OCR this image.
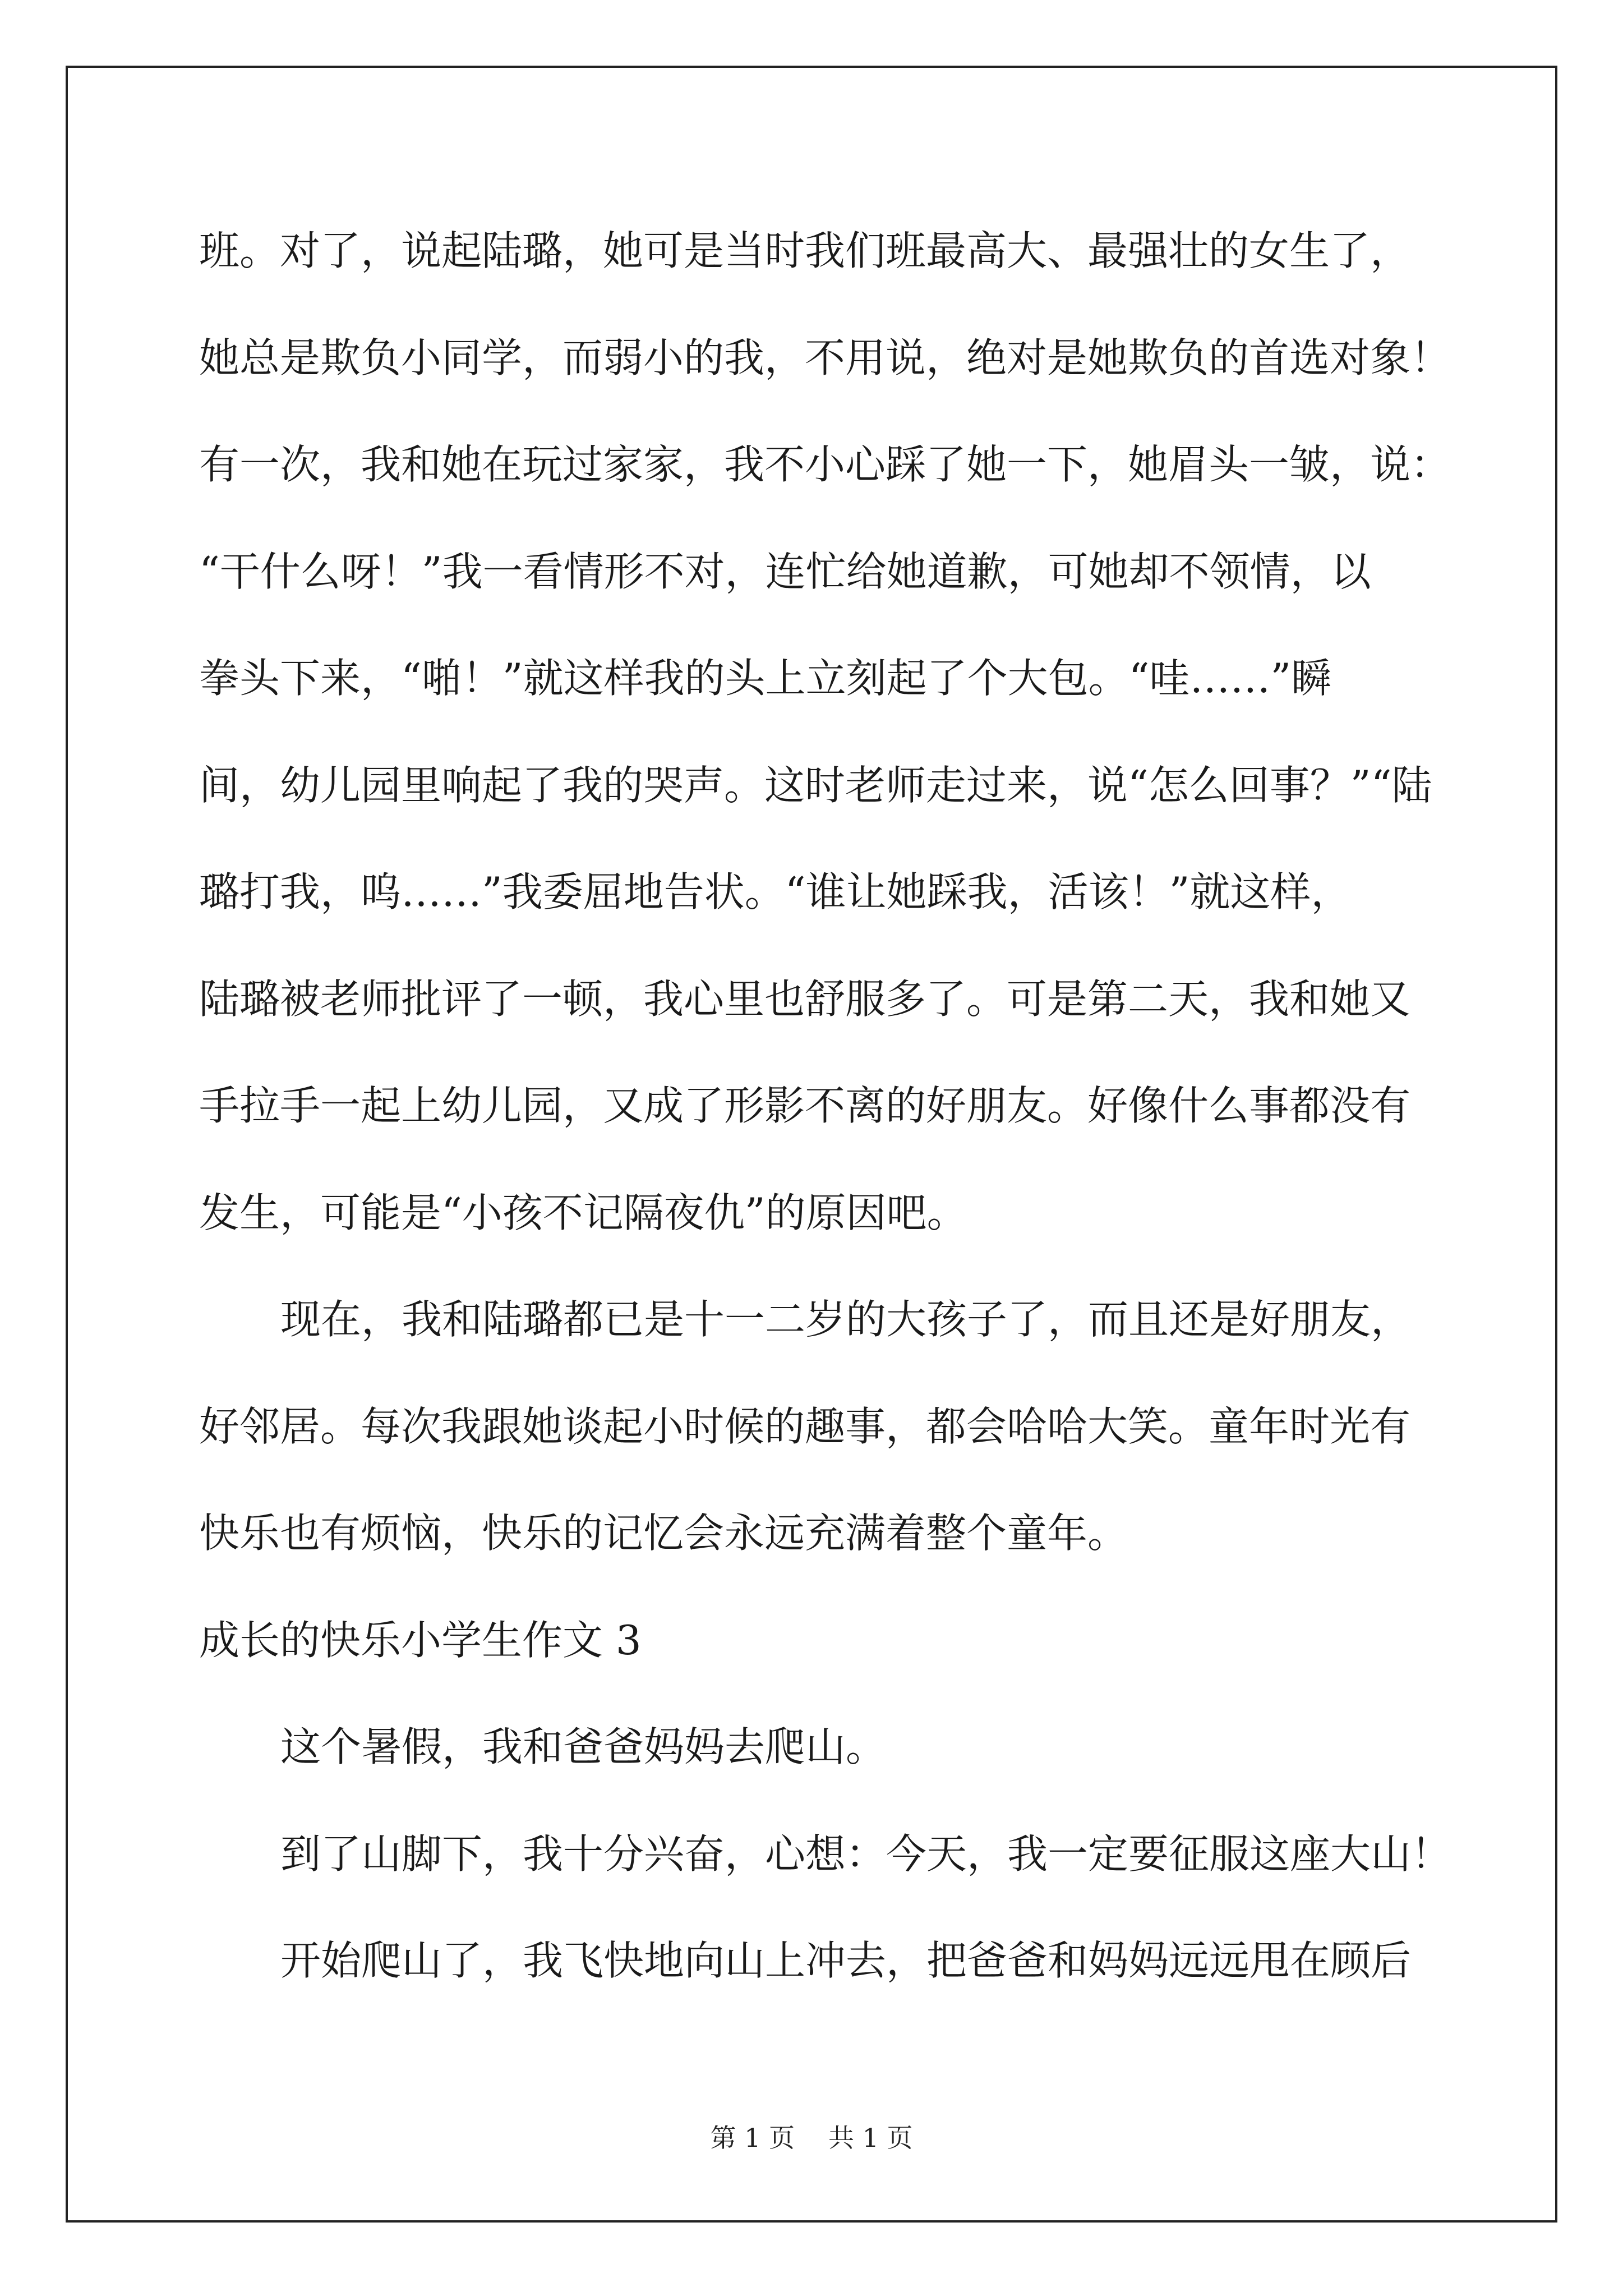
班。对了，说起陆璐，她可是当时我们班最高大、最强壮的女生了，
她总是欺负小同学，而弱小的我，不用说，绝对是她欺负的首选对象！
有一次，我和她在玩过家家，我不小心踩了她一下，她眉头一皱，说：
“干什么呀！”我一看情形不对，连忙给她道歉，可她却不领情，以
拳头下来，“啪！”就这样我的头上立刻起了个大包。“哇……”瞬
间，幼儿园里响起了我的哭声。这时老师走过来，说“怎么回事？”“陆
璐打我，呜……”我委屈地告状。“谁让她踩我，活该！”就这样，
陆璐被老师批评了一顿，我心里也舒服多了。可是第二天，我和她又
手拉手一起上幼儿园，又成了形影不离的好朋友。好像什么事都没有
发生，可能是“小孩不记隔夜仇”的原因吧。
现在，我和陆璐都已是十一二岁的大孩子了，而且还是好朋友，
好邻居。每次我跟她谈起小时候的趣事，都会哈哈大笑。童年时光有
快乐也有烦恼，快乐的记忆会永远充满着整个童年。
成长的快乐小学生作文 3
这个暑假，我和爸爸妈妈去爬山。
到了山脚下，我十分兴奋，心想：今天，我一定要征服这座大山！
开始爬山了，我飞快地向山上冲去，把爸爸和妈妈远远甩在顾后
第 1 页 共 1 页
